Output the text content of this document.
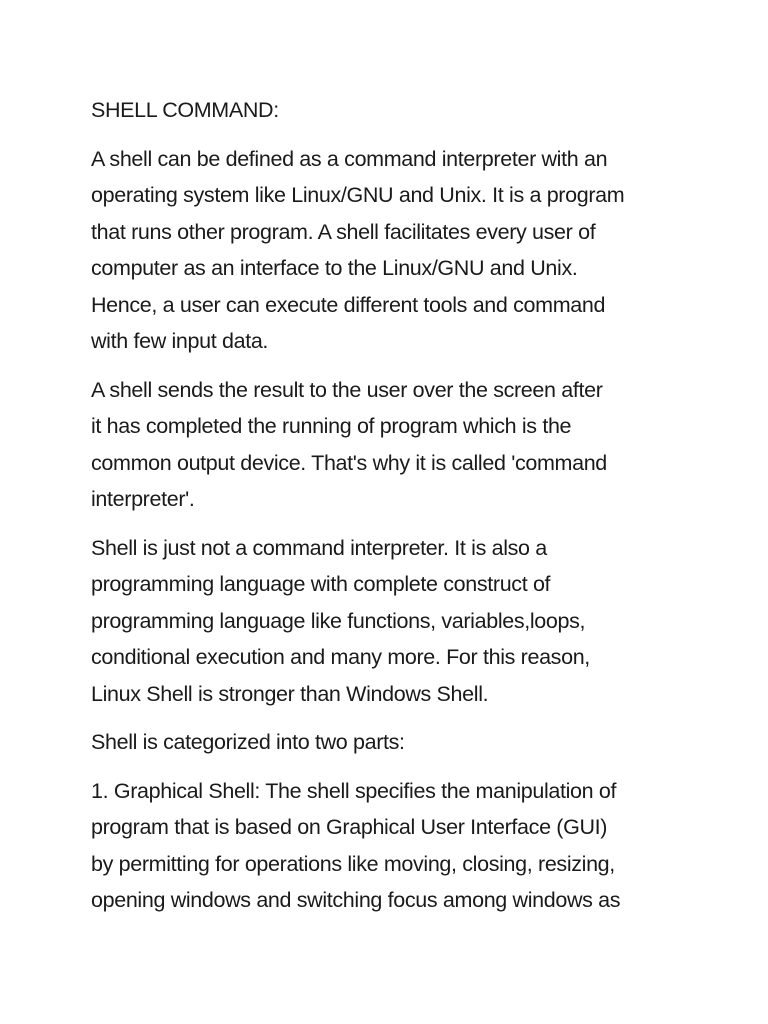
SHELL COMMAND:
A shell can be defined as a command interpreter with an
operating system like Linux/GNU and Unix. It is a program
that runs other program. A shell facilitates every user of
computer as an interface to the Linux/GNU and Unix.
Hence, a user can execute different tools and command
with few input data.
A shell sends the result to the user over the screen after
it has completed the running of program which is the
common output device. That's why it is called 'command
interpreter'.
Shell is just not a command interpreter. It is also a
programming language with complete construct of
programming language like functions, variables,loops,
conditional execution and many more. For this reason,
Linux Shell is stronger than Windows Shell.
Shell is categorized into two parts:
1. Graphical Shell: The shell specifies the manipulation of
program that is based on Graphical User Interface (GUI)
by permitting for operations like moving, closing, resizing,
opening windows and switching focus among windows as
